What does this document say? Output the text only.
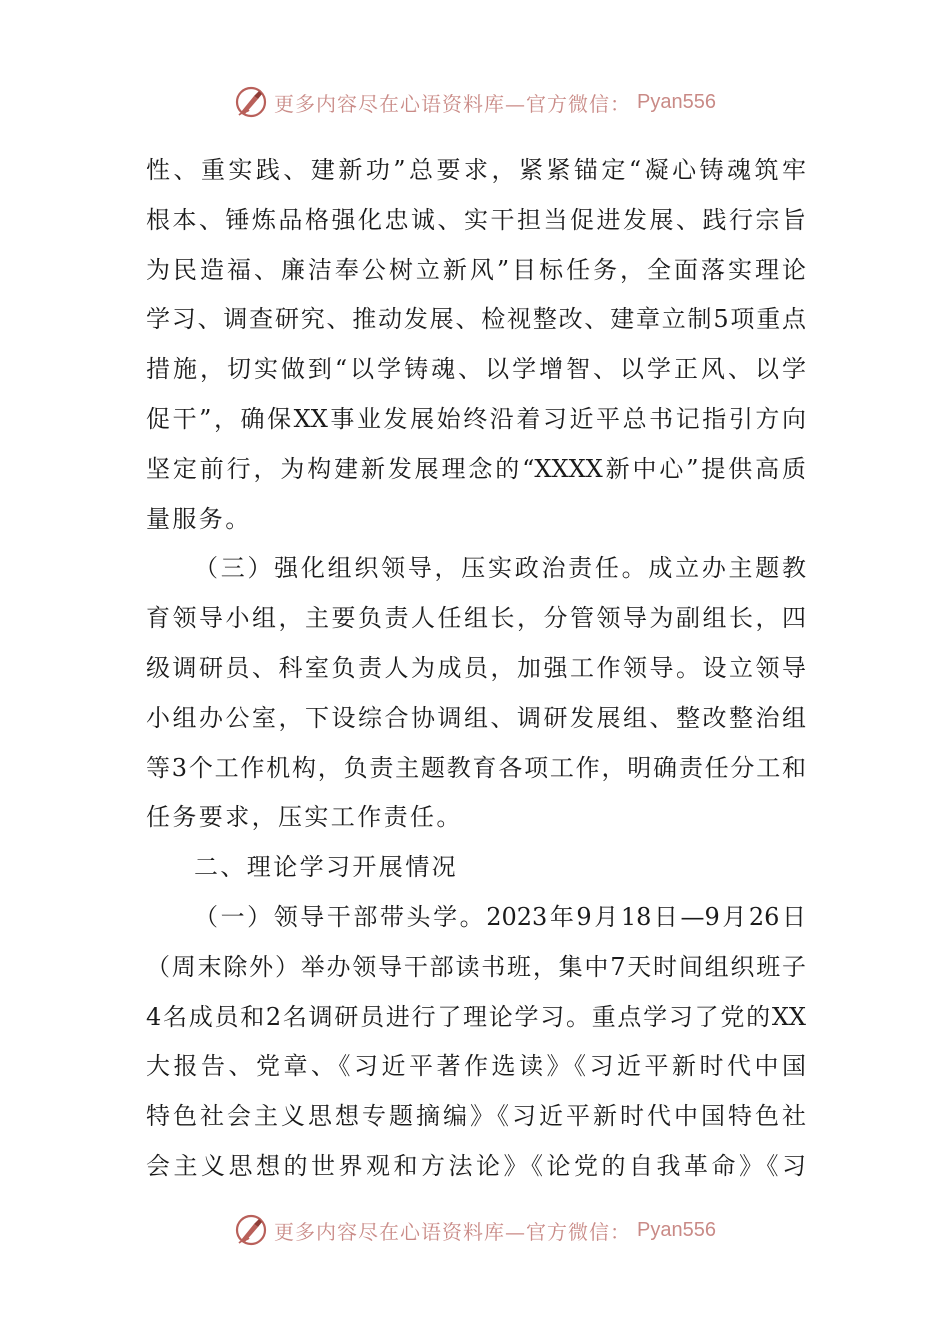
更多内容尽在心语资料库—官方微信： Pyan556
性、重实践、建新功”总要求，紧紧锚定“凝心铸魂筑牢
根本、锤炼品格强化忠诚、实干担当促进发展、践行宗旨
为民造福、廉洁奉公树立新风”目标任务，全面落实理论
学习、调查研究、推动发展、检视整改、建章立制5项重点
措施，切实做到“以学铸魂、以学增智、以学正风、以学
促干”，确保XX事业发展始终沿着习近平总书记指引方向
坚定前行，为构建新发展理念的“XXXX新中心”提供高质
量服务。
（三）强化组织领导，压实政治责任。成立办主题教
育领导小组，主要负责人任组长，分管领导为副组长，四
级调研员、科室负责人为成员，加强工作领导。设立领导
小组办公室，下设综合协调组、调研发展组、整改整治组
等3个工作机构，负责主题教育各项工作，明确责任分工和
任务要求，压实工作责任。
二、理论学习开展情况
（一）领导干部带头学。2023年9月18日—9月26日
（周末除外）举办领导干部读书班，集中7天时间组织班子
4名成员和2名调研员进行了理论学习。重点学习了党的XX
大报告、党章、《习近平著作选读》《习近平新时代中国
特色社会主义思想专题摘编》《习近平新时代中国特色社
会主义思想的世界观和方法论》《论党的自我革命》《习
更多内容尽在心语资料库—官方微信： Pyan556
